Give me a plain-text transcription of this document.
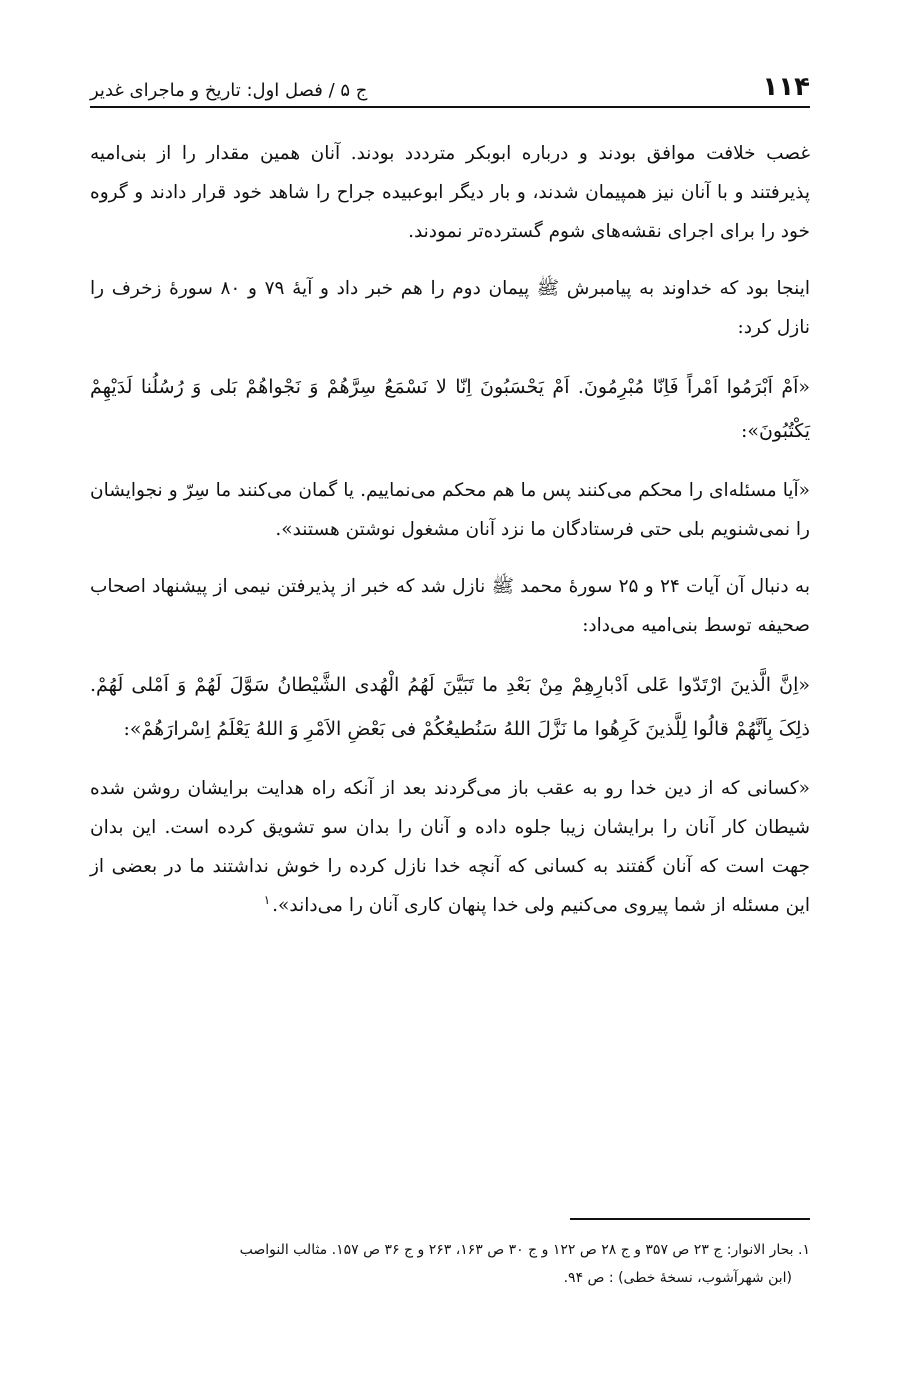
۱۱۴
ج ۵ / فصل اول: تاریخ و ماجرای غدیر

غصب خلافت موافق بودند و درباره ابوبکر مترددد بودند. آنان همین مقدار را از بنی‌امیه پذیرفتند و با آنان نیز همپیمان شدند، و بار دیگر ابوعبیده جراح را شاهد خود قرار دادند و گروه خود را برای اجرای نقشه‌های شوم گسترده‌تر نمودند.

اینجا بود که خداوند به پیامبرش ﷺ پیمان دوم را هم خبر داد و آیهٔ ۷۹ و ۸۰ سورهٔ زخرف را نازل کرد:

«اَمْ اَبْرَمُوا اَمْراً فَاِنّا مُبْرِمُونَ. اَمْ یَحْسَبُونَ اِنّا لا نَسْمَعُ سِرَّهُمْ وَ نَجْواهُمْ بَلی وَ رُسُلُنا لَدَیْهِمْ یَکْتُبُونَ»:

«آیا مسئله‌ای را محکم می‌کنند پس ما هم محکم می‌نماییم. یا گمان می‌کنند ما سِرّ و نجوایشان را نمی‌شنویم بلی حتی فرستادگان ما نزد آنان مشغول نوشتن هستند».

به دنبال آن آیات ۲۴ و ۲۵ سورهٔ محمد ﷺ نازل شد که خبر از پذیرفتن نیمی از پیشنهاد اصحاب صحیفه توسط بنی‌امیه می‌داد:

«اِنَّ الَّذینَ ارْتَدّوا عَلی اَدْبارِهِمْ مِنْ بَعْدِ ما تَبَیَّنَ لَهُمُ الْهُدی الشَّیْطانُ سَوَّلَ لَهُمْ وَ اَمْلی لَهُمْ. ذلِکَ بِاَنَّهُمْ قالُوا لِلَّذینَ کَرِهُوا ما نَزَّلَ اللهُ سَنُطیعُکُمْ فی بَعْضِ الاَمْرِ وَ اللهُ یَعْلَمُ اِسْرارَهُمْ»:

«کسانی که از دین خدا رو به عقب باز می‌گردند بعد از آنکه راه هدایت برایشان روشن شده شیطان کار آنان را برایشان زیبا جلوه داده و آنان را بدان سو تشویق کرده است. این بدان جهت است که آنان گفتند به کسانی که آنچه خدا نازل کرده را خوش نداشتند ما در بعضی از این مسئله از شما پیروی می‌کنیم ولی خدا پنهان کاری آنان را می‌داند».$^۱$

۱. بحار الانوار: ج ۲۳ ص ۳۵۷ و ج ۲۸ ص ۱۲۲ و ج ۳۰ ص ۱۶۳، ۲۶۳ و ج ۳۶ ص ۱۵۷. مثالب النواصب
(ابن شهرآشوب، نسخهٔ خطی) : ص ۹۴.
